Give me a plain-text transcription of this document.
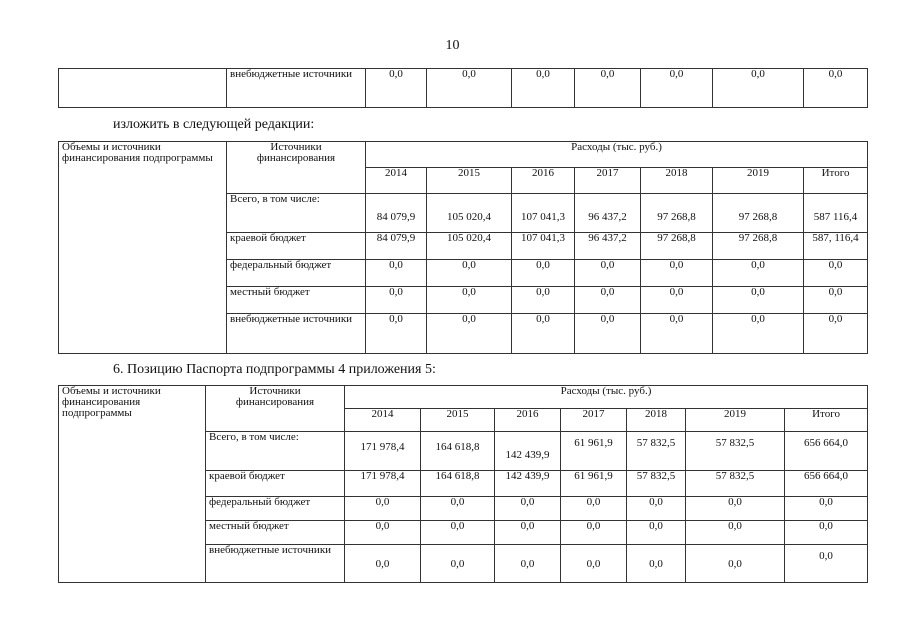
10
	внебюджетные источники	0,0	0,0	0,0	0,0	0,0	0,0	0,0
изложить в следующей редакции:
Объемы и источники финансирования подпрограммы	Источники финансирования	Расходы (тыс. руб.)						
		2014	2015	2016	2017	2018	2019	Итого
	Всего, в том числе:	84 079,9	105 020,4	107 041,3	96 437,2	97 268,8	97 268,8	587 116,4
	краевой бюджет	84 079,9	105 020,4	107 041,3	96 437,2	97 268,8	97 268,8	587, 116,4
	федеральный бюджет	0,0	0,0	0,0	0,0	0,0	0,0	0,0
	местный бюджет	0,0	0,0	0,0	0,0	0,0	0,0	0,0
	внебюджетные источники	0,0	0,0	0,0	0,0	0,0	0,0	0,0
6. Позицию Паспорта подпрограммы 4 приложения 5:
Объемы и источники финансирования подпрограммы	Источники финансирования	Расходы (тыс. руб.)						
		2014	2015	2016	2017	2018	2019	Итого
	Всего, в том числе:	171 978,4	164 618,8	142 439,9	61 961,9	57 832,5	57 832,5	656 664,0
	краевой бюджет	171 978,4	164 618,8	142 439,9	61 961,9	57 832,5	57 832,5	656 664,0
	федеральный бюджет	0,0	0,0	0,0	0,0	0,0	0,0	0,0
	местный бюджет	0,0	0,0	0,0	0,0	0,0	0,0	0,0
	внебюджетные источники	0,0	0,0	0,0	0,0	0,0	0,0	0,0
